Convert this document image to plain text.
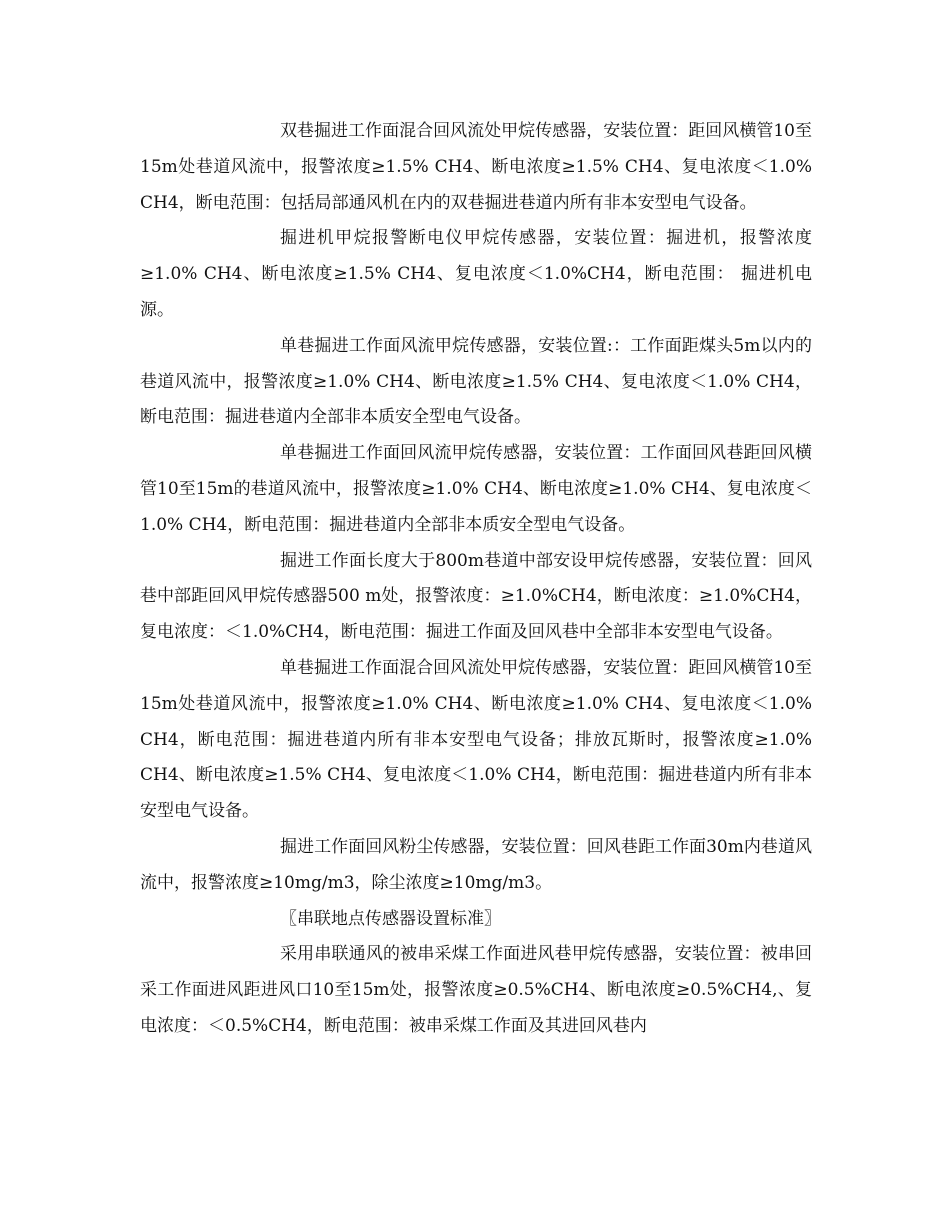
双巷掘进工作面混合回风流处甲烷传感器，安装位置：距回风横管10至15m处巷道风流中，报警浓度≥1.5% CH4、断电浓度≥1.5% CH4、复电浓度＜1.0% CH4，断电范围：包括局部通风机在内的双巷掘进巷道内所有非本安型电气设备。

掘进机甲烷报警断电仪甲烷传感器，安装位置：掘进机，报警浓度≥1.0% CH4、断电浓度≥1.5% CH4、复电浓度＜1.0%CH4，断电范围： 掘进机电源。

单巷掘进工作面风流甲烷传感器，安装位置:：工作面距煤头5m以内的巷道风流中，报警浓度≥1.0% CH4、断电浓度≥1.5% CH4、复电浓度＜1.0% CH4，断电范围：掘进巷道内全部非本质安全型电气设备。

单巷掘进工作面回风流甲烷传感器，安装位置：工作面回风巷距回风横管10至15m的巷道风流中，报警浓度≥1.0% CH4、断电浓度≥1.0% CH4、复电浓度＜1.0% CH4，断电范围：掘进巷道内全部非本质安全型电气设备。

掘进工作面长度大于800m巷道中部安设甲烷传感器，安装位置：回风巷中部距回风甲烷传感器500 m处，报警浓度：≥1.0%CH4，断电浓度：≥1.0%CH4，复电浓度：＜1.0%CH4，断电范围：掘进工作面及回风巷中全部非本安型电气设备。

单巷掘进工作面混合回风流处甲烷传感器，安装位置：距回风横管10至15m处巷道风流中，报警浓度≥1.0% CH4、断电浓度≥1.0% CH4、复电浓度＜1.0% CH4，断电范围：掘进巷道内所有非本安型电气设备；排放瓦斯时，报警浓度≥1.0% CH4、断电浓度≥1.5% CH4、复电浓度＜1.0% CH4，断电范围：掘进巷道内所有非本安型电气设备。

掘进工作面回风粉尘传感器，安装位置：回风巷距工作面30m内巷道风流中，报警浓度≥10mg/m3，除尘浓度≥10mg/m3。

〖串联地点传感器设置标准〗

采用串联通风的被串采煤工作面进风巷甲烷传感器，安装位置：被串回采工作面进风距进风口10至15m处，报警浓度≥0.5%CH4、断电浓度≥0.5%CH4,、复电浓度：＜0.5%CH4，断电范围：被串采煤工作面及其进回风巷内
